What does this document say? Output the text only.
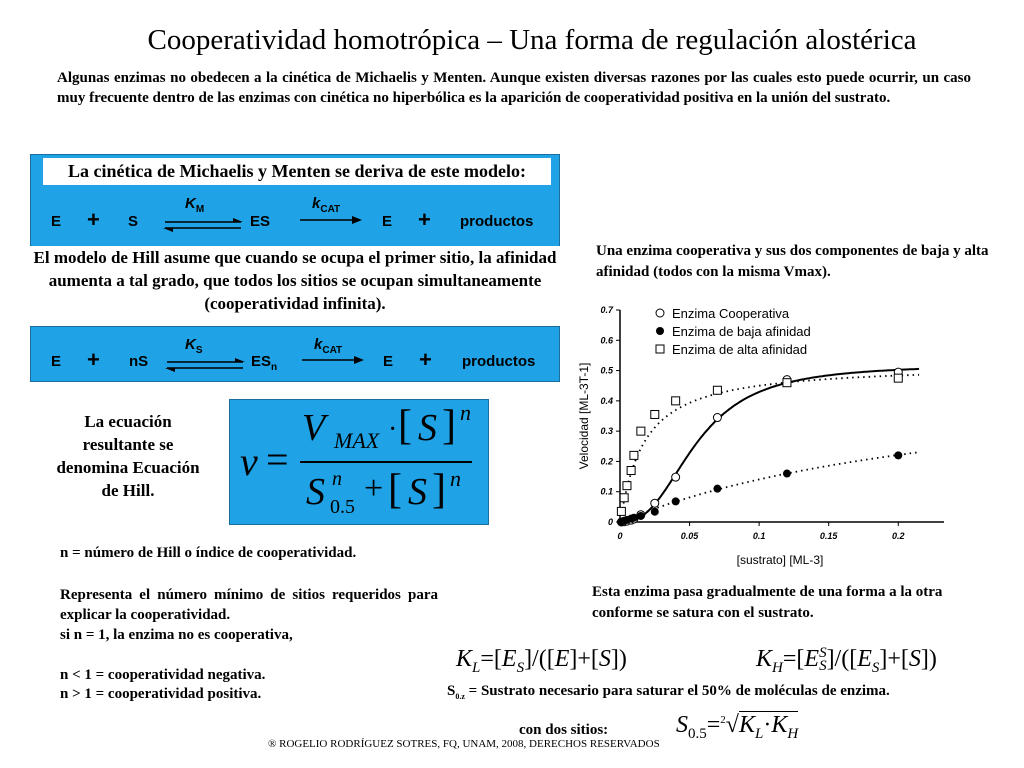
Cooperatividad homotrópica – Una forma de regulación alostérica
Algunas enzimas no obedecen a la cinética de Michaelis y Menten. Aunque existen diversas razones por las cuales esto puede ocurrir, un caso muy frecuente dentro de las enzimas con cinética no hiperbólica es la aparición de cooperatividad positiva en la unión del sustrato.
La cinética de Michaelis y Menten se deriva de este modelo:
E + S
$K_M$
ES
$k_{CAT}$
E + productos
El modelo de Hill asume que cuando se ocupa el primer sitio, la afinidad aumenta a tal grado, que todos los sitios se ocupan simultaneamente (cooperatividad infinita).
E + nS
$K_S$
$ES_n$
$k_{CAT}$
E + productos
La ecuación resultante se denomina Ecuación de Hill.
v =
V MAX · [ S ] n
S n
0.5 + [ S ] n
n = número de Hill o índice de cooperatividad.
Representa el número mínimo de sitios requeridos para explicar la cooperatividad.
si n = 1, la enzima no es cooperativa,
n < 1 = cooperatividad negativa.
n > 1 = cooperatividad positiva.
Una enzima cooperativa y sus dos componentes de baja y alta afinidad (todos con la misma Vmax).
0	0.05	0.1	0.15	0.2
0
0.1
0.2
0.3
0.4
0.5
0.6
0.7
[sustrato] [ML-3]
Velocidad [ML-3T-1]
Enzima Cooperativa
Enzima de baja afinidad
Enzima de alta afinidad
Esta enzima pasa gradualmente de una forma a la otra conforme se satura con el sustrato.
$K_L=[E_S]/([E]+[S])$	$K_H=[E$ S
S ]$/([E_S]+[S])$
$S_{0.z}$ = Sustrato necesario para saturar el 50% de moléculas de enzima.
con dos sitios:	$S_{0.5}=^2√K_L\cdot K_H$
® ROGELIO RODRÍGUEZ SOTRES, FQ, UNAM, 2008, DERECHOS RESERVADOS
